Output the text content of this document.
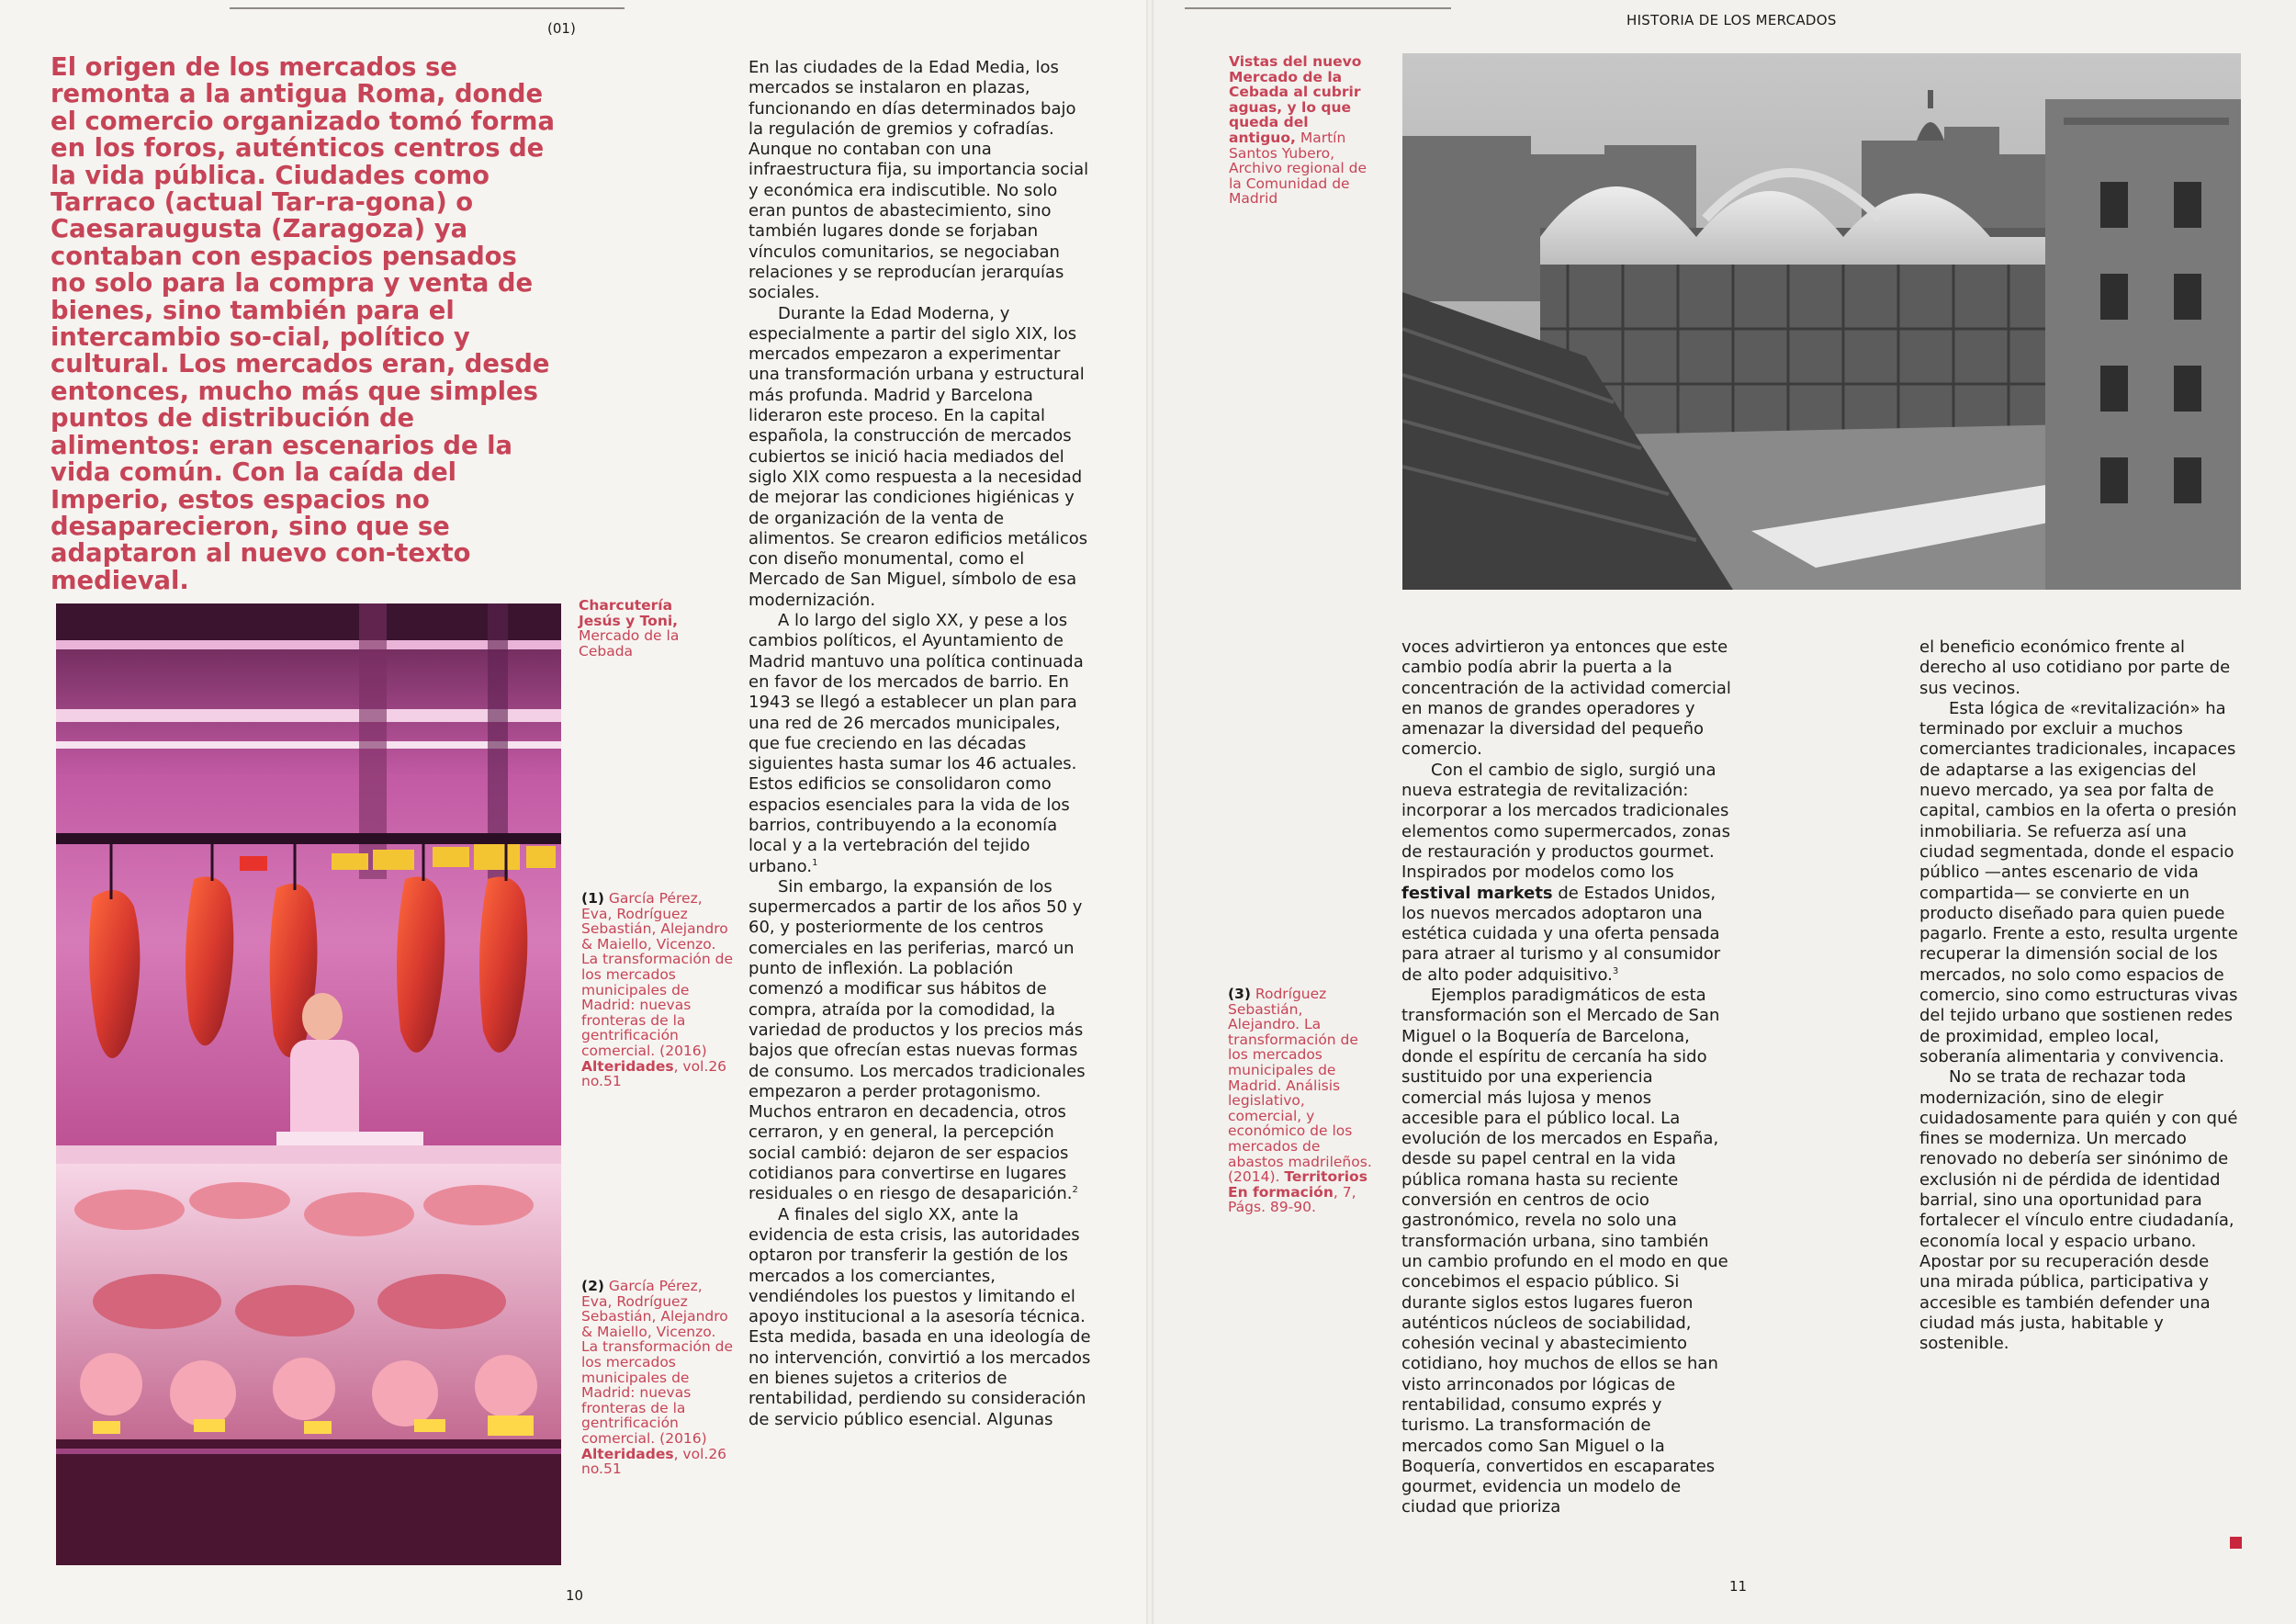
(01)
El origen de los mercados se remonta a la antigua Roma, donde el comercio organizado tomó forma en los foros, auténticos centros de la vida pública. Ciudades como Tarraco (actual Tar-ra-gona) o Caesaraugusta (Zaragoza) ya contaban con espacios pensados no solo para la compra y venta de bienes, sino también para el intercambio so-cial, político y cultural. Los mercados eran, desde entonces, mucho más que simples puntos de distribución de alimentos: eran escenarios de la vida común. Con la caída del Imperio, estos espacios no desaparecieron, sino que se adaptaron al nuevo con-texto medieval.
Charcutería Jesús y Toni,
Mercado de la Cebada
(1) García Pérez, Eva, Rodríguez Sebastián, Alejandro & Maiello, Vicenzo. La transformación de los mercados municipales de Madrid: nuevas fronteras de la gentrificación comercial. (2016) Alteridades, vol.26 no.51
(2) García Pérez, Eva, Rodríguez Sebastián, Alejandro & Maiello, Vicenzo. La transformación de los mercados municipales de Madrid: nuevas fronteras de la gentrificación comercial. (2016) Alteridades, vol.26 no.51

En las ciudades de la Edad Media, los mercados se instalaron en plazas, funcionando en días determinados bajo la regulación de gremios y cofradías. Aunque no contaban con una infraestructura fija, su importancia social y económica era indiscutible. No solo eran puntos de abastecimiento, sino también lugares donde se forjaban vínculos comunitarios, se negociaban relaciones y se reproducían jerarquías sociales.

Durante la Edad Moderna, y especialmente a partir del siglo XIX, los mercados empezaron a experimentar una transformación urbana y estructural más profunda. Madrid y Barcelona lideraron este proceso. En la capital española, la construcción de mercados cubiertos se inició hacia mediados del siglo XIX como respuesta a la necesidad de mejorar las condiciones higiénicas y de organización de la venta de alimentos. Se crearon edificios metálicos con diseño monumental, como el Mercado de San Miguel, símbolo de esa modernización.

A lo largo del siglo XX, y pese a los cambios políticos, el Ayuntamiento de Madrid mantuvo una política continuada en favor de los mercados de barrio. En 1943 se llegó a establecer un plan para una red de 26 mercados municipales, que fue creciendo en las décadas siguientes hasta sumar los 46 actuales. Estos edificios se consolidaron como espacios esenciales para la vida de los barrios, contribuyendo a la economía local y a la vertebración del tejido urbano.$^1$

Sin embargo, la expansión de los supermercados a partir de los años 50 y 60, y posteriormente de los centros comerciales en las periferias, marcó un punto de inflexión. La población comenzó a modificar sus hábitos de compra, atraída por la comodidad, la variedad de productos y los precios más bajos que ofrecían estas nuevas formas de consumo. Los mercados tradicionales empezaron a perder protagonismo. Muchos entraron en decadencia, otros cerraron, y en general, la percepción social cambió: dejaron de ser espacios cotidianos para convertirse en lugares residuales o en riesgo de desaparición.$^2$

A finales del siglo XX, ante la evidencia de esta crisis, las autoridades optaron por transferir la gestión de los mercados a los comerciantes, vendiéndoles los puestos y limitando el apoyo institucional a la asesoría técnica. Esta medida, basada en una ideología de no intervención, convirtió a los mercados en bienes sujetos a criterios de rentabilidad, perdiendo su consideración de servicio público esencial. Algunas

10
HISTORIA DE LOS MERCADOS
Vistas del nuevo Mercado de la Cebada al cubrir aguas, y lo que queda del antiguo, Martín Santos Yubero, Archivo regional de la Comunidad de Madrid
(3) Rodríguez Sebastián, Alejandro. La transformación de los mercados municipales de Madrid. Análisis legislativo, comercial, y económico de los mercados de abastos madrileños. (2014). Territorios En formación, 7, Págs. 89-90.

voces advirtieron ya entonces que este cambio podía abrir la puerta a la concentración de la actividad comercial en manos de grandes operadores y amenazar la diversidad del pequeño comercio.

Con el cambio de siglo, surgió una nueva estrategia de revitalización: incorporar a los mercados tradicionales elementos como supermercados, zonas de restauración y productos gourmet. Inspirados por modelos como los festival markets de Estados Unidos, los nuevos mercados adoptaron una estética cuidada y una oferta pensada para atraer al turismo y al consumidor de alto poder adquisitivo.$^3$

Ejemplos paradigmáticos de esta transformación son el Mercado de San Miguel o la Boquería de Barcelona, donde el espíritu de cercanía ha sido sustituido por una experiencia comercial más lujosa y menos accesible para el público local. La evolución de los mercados en España, desde su papel central en la vida pública romana hasta su reciente conversión en centros de ocio gastronómico, revela no solo una transformación urbana, sino también un cambio profundo en el modo en que concebimos el espacio público. Si durante siglos estos lugares fueron auténticos núcleos de sociabilidad, cohesión vecinal y abastecimiento cotidiano, hoy muchos de ellos se han visto arrinconados por lógicas de rentabilidad, consumo exprés y turismo. La transformación de mercados como San Miguel o la Boquería, convertidos en escaparates gourmet, evidencia un modelo de ciudad que prioriza

el beneficio económico frente al derecho al uso cotidiano por parte de sus vecinos.

Esta lógica de «revitalización» ha terminado por excluir a muchos comerciantes tradicionales, incapaces de adaptarse a las exigencias del nuevo mercado, ya sea por falta de capital, cambios en la oferta o presión inmobiliaria. Se refuerza así una ciudad segmentada, donde el espacio público —antes escenario de vida compartida— se convierte en un producto diseñado para quien puede pagarlo. Frente a esto, resulta urgente recuperar la dimensión social de los mercados, no solo como espacios de comercio, sino como estructuras vivas del tejido urbano que sostienen redes de proximidad, empleo local, soberanía alimentaria y convivencia.

No se trata de rechazar toda modernización, sino de elegir cuidadosamente para quién y con qué fines se moderniza. Un mercado renovado no debería ser sinónimo de exclusión ni de pérdida de identidad barrial, sino una oportunidad para fortalecer el vínculo entre ciudadanía, economía local y espacio urbano. Apostar por su recuperación desde una mirada pública, participativa y accesible es también defender una ciudad más justa, habitable y sostenible.

11
